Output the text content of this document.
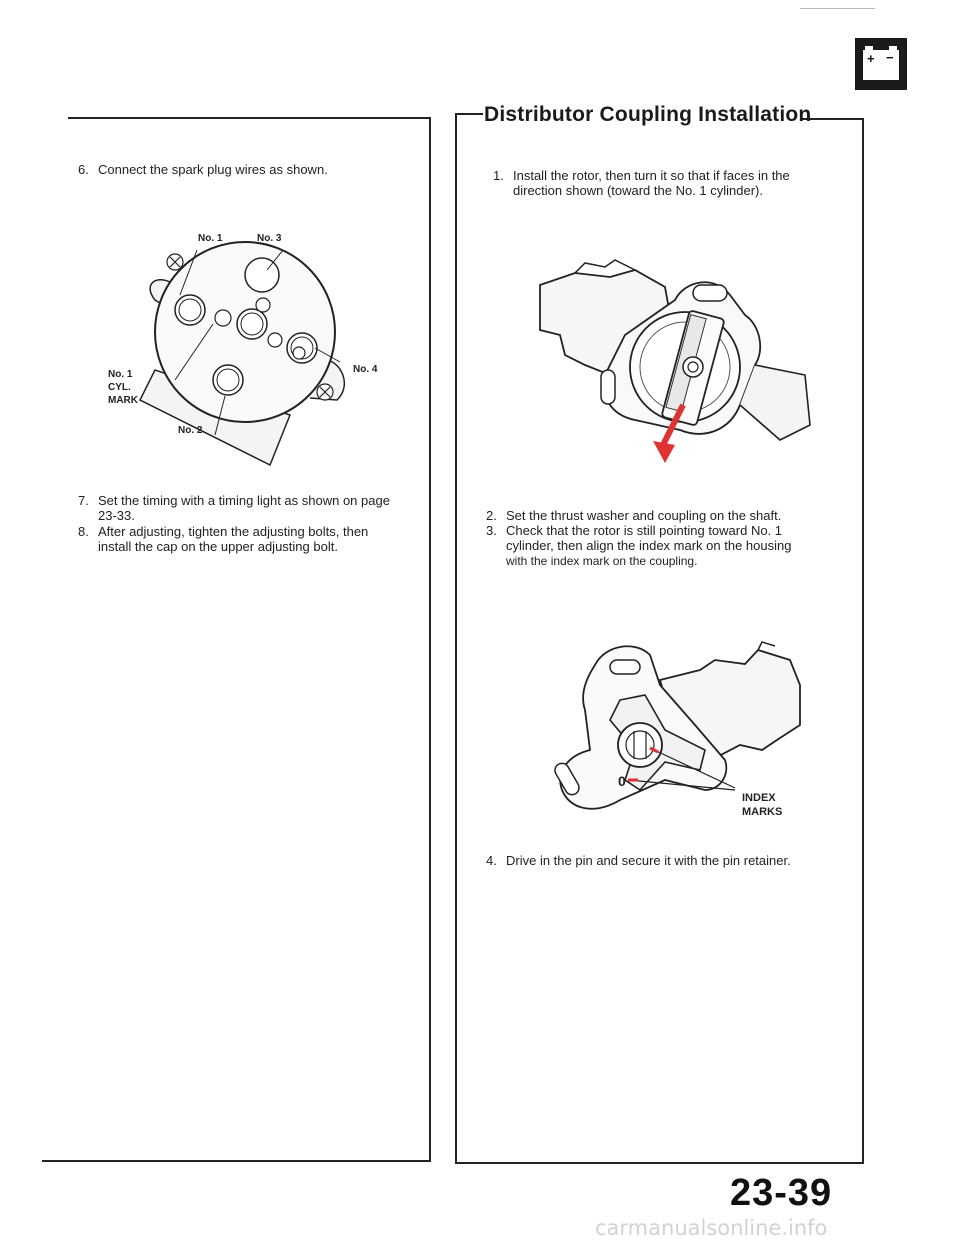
+ −
6. Connect the spark plug wires as shown.
No. 1	No. 3
No. 1
CYL.
MARK
No. 4
No. 2
7. Set the timing with a timing light as shown on page
23-33.
8. After adjusting, tighten the adjusting bolts, then
install the cap on the upper adjusting bolt.
Distributor Coupling Installation
1. Install the rotor, then turn it so that if faces in the
direction shown (toward the No. 1 cylinder).
2. Set the thrust washer and coupling on the shaft.
3. Check that the rotor is still pointing toward No. 1
cylinder, then align the index mark on the housing
with the index mark on the coupling.
0
INDEX
MARKS
4. Drive in the pin and secure it with the pin retainer.
23-39
carmanualsonline.info
